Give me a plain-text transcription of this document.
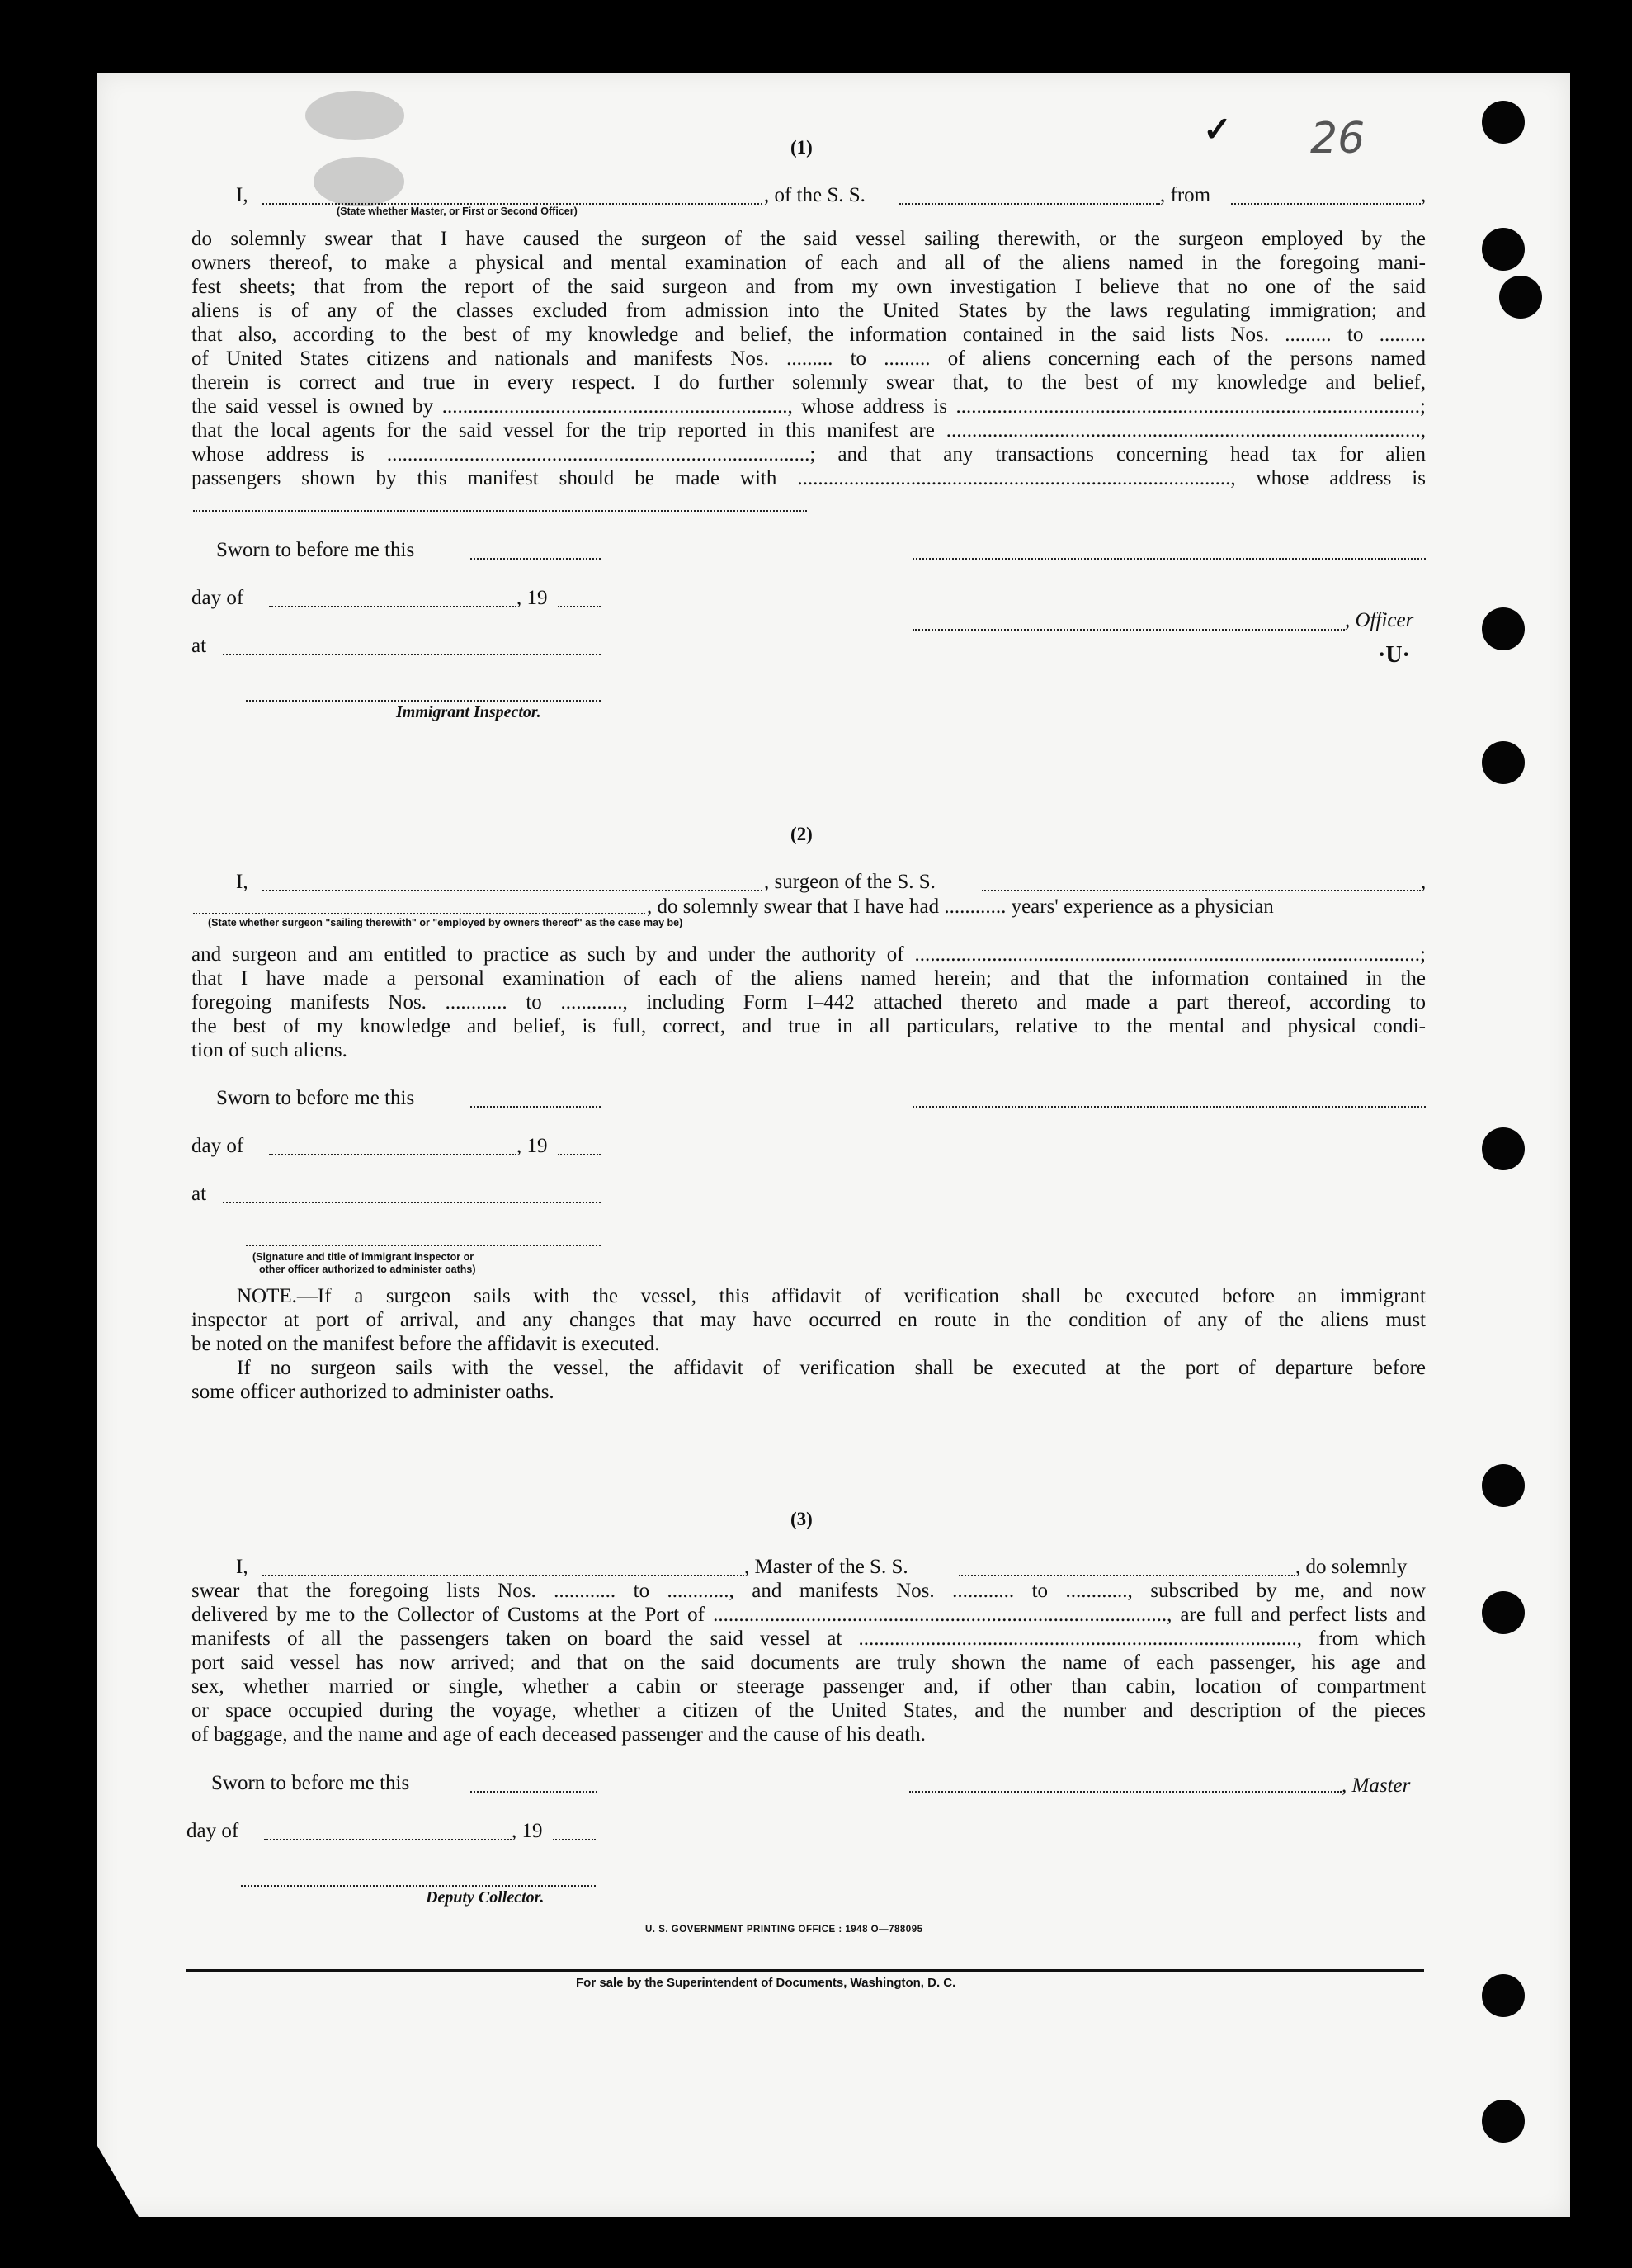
26
✓
·U·
(1)
I,	, of the S. S.	, from	,
(State whether Master, or First or Second Officer)

do solemnly swear that I have caused the surgeon of the said vessel sailing therewith, or the surgeon employed by the

owners thereof, to make a physical and mental examination of each and all of the aliens named in the foregoing mani-

fest sheets; that from the report of the said surgeon and from my own investigation I believe that no one of the said

aliens is of any of the classes excluded from admission into the United States by the laws regulating immigration; and

that also, according to the best of my knowledge and belief, the information contained in the said lists Nos. ......... to .........

of United States citizens and nationals and manifests Nos. ......... to ......... of aliens concerning each of the persons named

therein is correct and true in every respect. I do further solemnly swear that, to the best of my knowledge and belief,

the said vessel is owned by ..................................................................., whose address is ..........................................................................................;

that the local agents for the said vessel for the trip reported in this manifest are ............................................................................................,

whose address is ..................................................................................; and that any transactions concerning head tax for alien

passengers shown by this manifest should be made with ...................................................................................., whose address is

Sworn to before me this
day of	, 19
at
, Officer
Immigrant Inspector.
(2)
I,	, surgeon of the S. S.	,
, do solemnly swear that I have had ............ years' experience as a physician
(State whether surgeon "sailing therewith" or "employed by owners thereof" as the case may be)

and surgeon and am entitled to practice as such by and under the authority of ..................................................................................................;

that I have made a personal examination of each of the aliens named herein; and that the information contained in the

foregoing manifests Nos. ............ to ............, including Form I–442 attached thereto and made a part thereof, according to

the best of my knowledge and belief, is full, correct, and true in all particulars, relative to the mental and physical condi-

tion of such aliens.

Sworn to before me this
day of	, 19
at
(Signature and title of immigrant inspector or
other officer authorized to administer oaths)

NOTE.—If a surgeon sails with the vessel, this affidavit of verification shall be executed before an immigrant

inspector at port of arrival, and any changes that may have occurred en route in the condition of any of the aliens must

be noted on the manifest before the affidavit is executed.

If no surgeon sails with the vessel, the affidavit of verification shall be executed at the port of departure before

some officer authorized to administer oaths.

(3)
I,	, Master of the S. S.	, do solemnly

swear that the foregoing lists Nos. ............ to ............, and manifests Nos. ............ to ............, subscribed by me, and now

delivered by me to the Collector of Customs at the Port of ........................................................................................, are full and perfect lists and

manifests of all the passengers taken on board the said vessel at ....................................................................................., from which

port said vessel has now arrived; and that on the said documents are truly shown the name of each passenger, his age and

sex, whether married or single, whether a cabin or steerage passenger and, if other than cabin, location of compartment

or space occupied during the voyage, whether a citizen of the United States, and the number and description of the pieces

of baggage, and the name and age of each deceased passenger and the cause of his death.

Sworn to before me this	, Master
day of	, 19
Deputy Collector.
U. S. GOVERNMENT PRINTING OFFICE : 1948 O—788095
For sale by the Superintendent of Documents, Washington, D. C.
